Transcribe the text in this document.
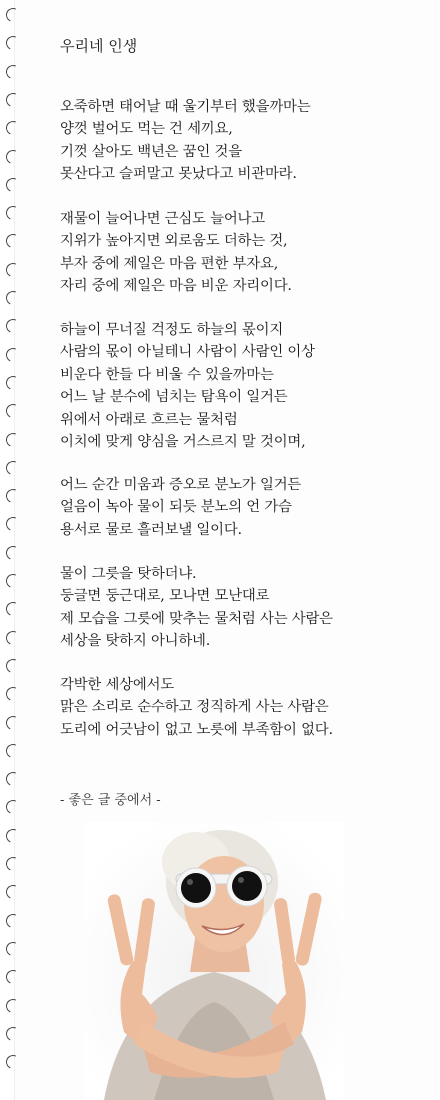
우리네 인생
오죽하면 태어날 때 울기부터 했을까마는
양껏 벌어도 먹는 건 세끼요,
기껏 살아도 백년은 꿈인 것을
못산다고 슬퍼말고 못났다고 비관마라.
재물이 늘어나면 근심도 늘어나고
지위가 높아지면 외로움도 더하는 것,
부자 중에 제일은 마음 편한 부자요,
자리 중에 제일은 마음 비운 자리이다.
하늘이 무너질 걱정도 하늘의 몫이지
사람의 몫이 아닐테니 사람이 사람인 이상
비운다 한들 다 비울 수 있을까마는
어느 날 분수에 넘치는 탐욕이 일거든
위에서 아래로 흐르는 물처럼
이치에 맞게 양심을 거스르지 말 것이며,
어느 순간 미움과 증오로 분노가 일거든
얼음이 녹아 물이 되듯 분노의 언 가슴
용서로 물로 흘러보낼 일이다.
물이 그릇을 탓하더냐.
둥글면 둥근대로, 모나면 모난대로
제 모습을 그릇에 맞추는 물처럼 사는 사람은
세상을 탓하지 아니하네.
각박한 세상에서도
맑은 소리로 순수하고 정직하게 사는 사람은
도리에 어긋남이 없고 노릇에 부족함이 없다.
- 좋은 글 중에서 -
